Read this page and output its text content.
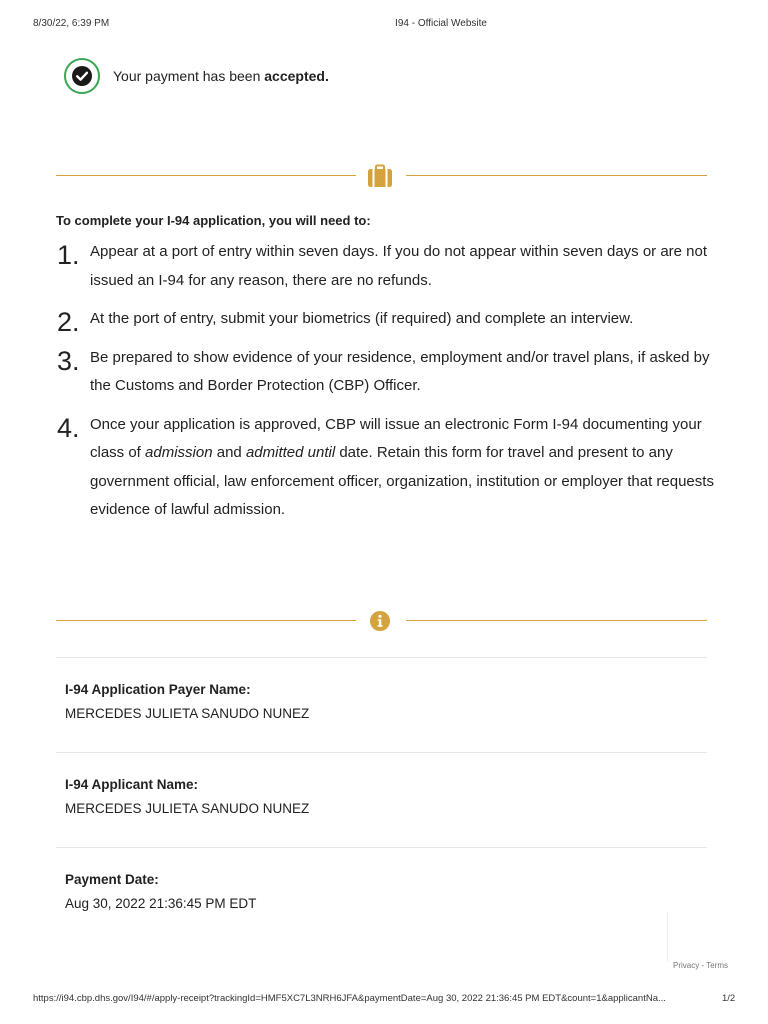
8/30/22, 6:39 PM	I94 - Official Website
Your payment has been accepted.
To complete your I-94 application, you will need to:
1. Appear at a port of entry within seven days. If you do not appear within seven days or are not issued an I-94 for any reason, there are no refunds.
2. At the port of entry, submit your biometrics (if required) and complete an interview.
3. Be prepared to show evidence of your residence, employment and/or travel plans, if asked by the Customs and Border Protection (CBP) Officer.
4. Once your application is approved, CBP will issue an electronic Form I-94 documenting your class of admission and admitted until date. Retain this form for travel and present to any government official, law enforcement officer, organization, institution or employer that requests evidence of lawful admission.
I-94 Application Payer Name:
MERCEDES JULIETA SANUDO NUNEZ
I-94 Applicant Name:
MERCEDES JULIETA SANUDO NUNEZ
Payment Date:
Aug 30, 2022 21:36:45 PM EDT
Privacy - Terms
https://i94.cbp.dhs.gov/I94/#/apply-receipt?trackingId=HMF5XC7L3NRH6JFA&paymentDate=Aug 30, 2022 21:36:45 PM EDT&count=1&applicantNa...	1/2
